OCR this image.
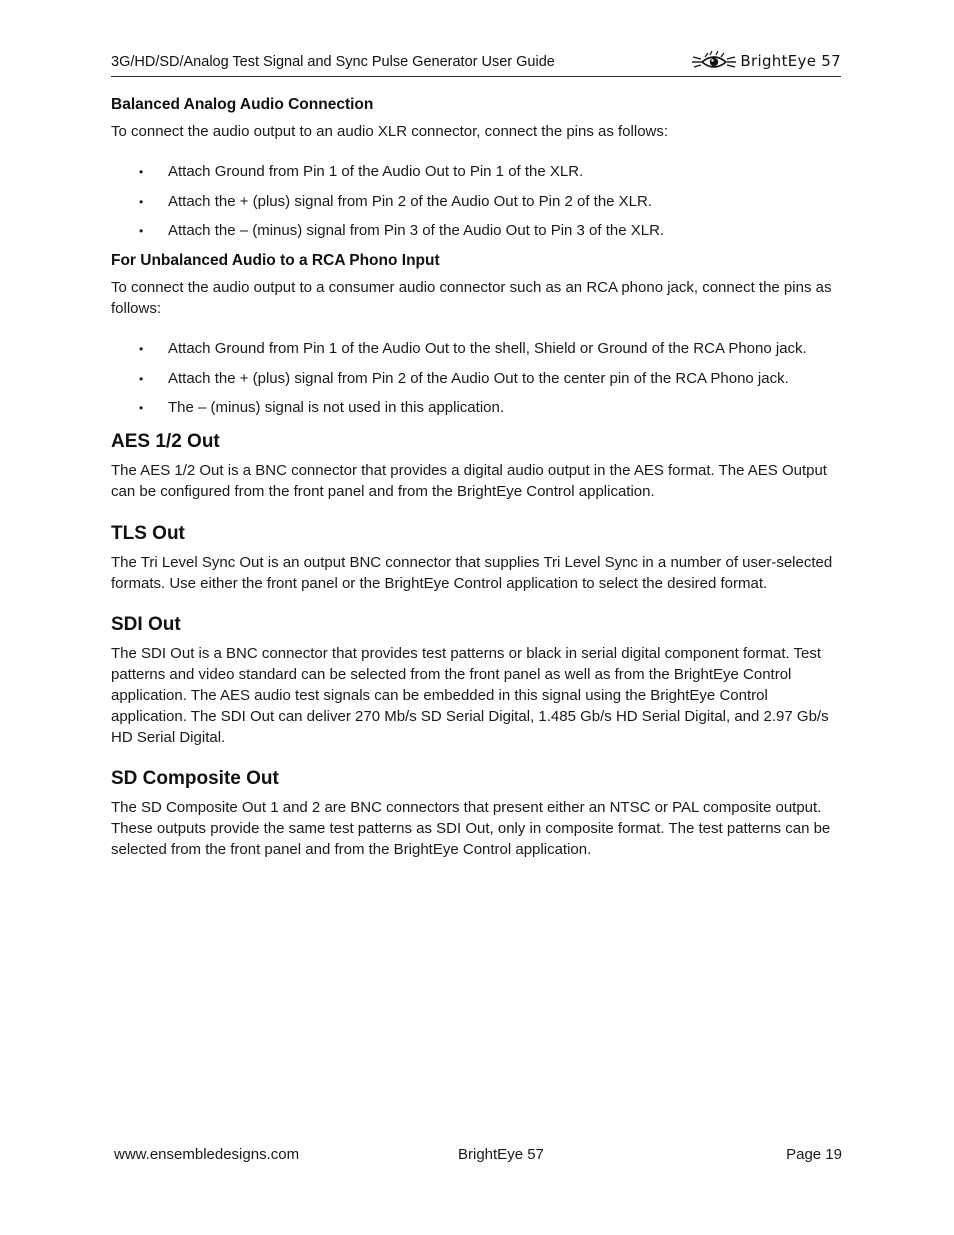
3G/HD/SD/Analog Test Signal and Sync Pulse Generator User Guide	BrightEye 57
Balanced Analog Audio Connection

To connect the audio output to an audio XLR connector, connect the pins as follows:

• Attach Ground from Pin 1 of the Audio Out to Pin 1 of the XLR.
• Attach the + (plus) signal from Pin 2 of the Audio Out to Pin 2 of the XLR.
• Attach the – (minus) signal from Pin 3 of the Audio Out to Pin 3 of the XLR.
For Unbalanced Audio to a RCA Phono Input

To connect the audio output to a consumer audio connector such as an RCA phono jack, connect the pins as follows:

• Attach Ground from Pin 1 of the Audio Out to the shell, Shield or Ground of the RCA Phono jack.
• Attach the + (plus) signal from Pin 2 of the Audio Out to the center pin of the RCA Phono jack.
• The – (minus) signal is not used in this application.
AES 1/2 Out

The AES 1/2 Out is a BNC connector that provides a digital audio output in the AES format. The AES Output can be configured from the front panel and from the BrightEye Control application.

TLS Out

The Tri Level Sync Out is an output BNC connector that supplies Tri Level Sync in a number of user-selected formats. Use either the front panel or the BrightEye Control application to select the desired format.

SDI Out

The SDI Out is a BNC connector that provides test patterns or black in serial digital component format. Test patterns and video standard can be selected from the front panel as well as from the BrightEye Control application. The AES audio test signals can be embedded in this signal using the BrightEye Control application. The SDI Out can deliver 270 Mb/s SD Serial Digital, 1.485 Gb/s HD Serial Digital, and 2.97 Gb/s HD Serial Digital.

SD Composite Out

The SD Composite Out 1 and 2 are BNC connectors that present either an NTSC or PAL composite output. These outputs provide the same test patterns as SDI Out, only in composite format. The test patterns can be selected from the front panel and from the BrightEye Control application.

www.ensembledesigns.com	BrightEye 57	Page 19
